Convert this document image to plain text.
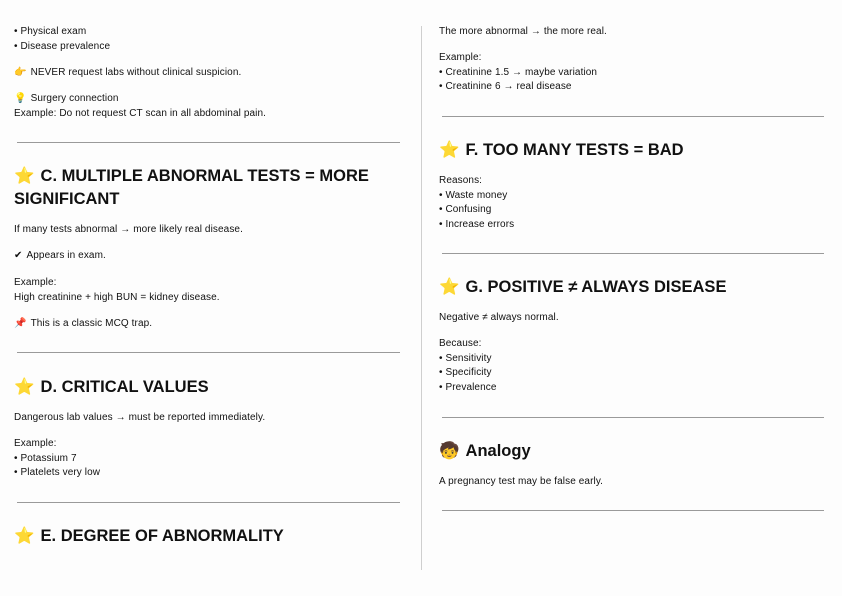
• Physical exam

• Disease prevalence

👉 NEVER request labs without clinical suspicion.

💡 Surgery connection

Example: Do not request CT scan in all abdominal pain.

⭐ C. MULTIPLE ABNORMAL TESTS = MORE SIGNIFICANT

If many tests abnormal → more likely real disease.

✔ Appears in exam.

Example:

High creatinine + high BUN = kidney disease.

📌 This is a classic MCQ trap.

⭐ D. CRITICAL VALUES

Dangerous lab values → must be reported immediately.

Example:

• Potassium 7

• Platelets very low

⭐ E. DEGREE OF ABNORMALITY

The more abnormal → the more real.

Example:

• Creatinine 1.5 → maybe variation

• Creatinine 6 → real disease

⭐ F. TOO MANY TESTS = BAD

Reasons:

• Waste money

• Confusing

• Increase errors

⭐ G. POSITIVE ≠ ALWAYS DISEASE

Negative ≠ always normal.

Because:

• Sensitivity

• Specificity

• Prevalence

🧒 Analogy

A pregnancy test may be false early.
